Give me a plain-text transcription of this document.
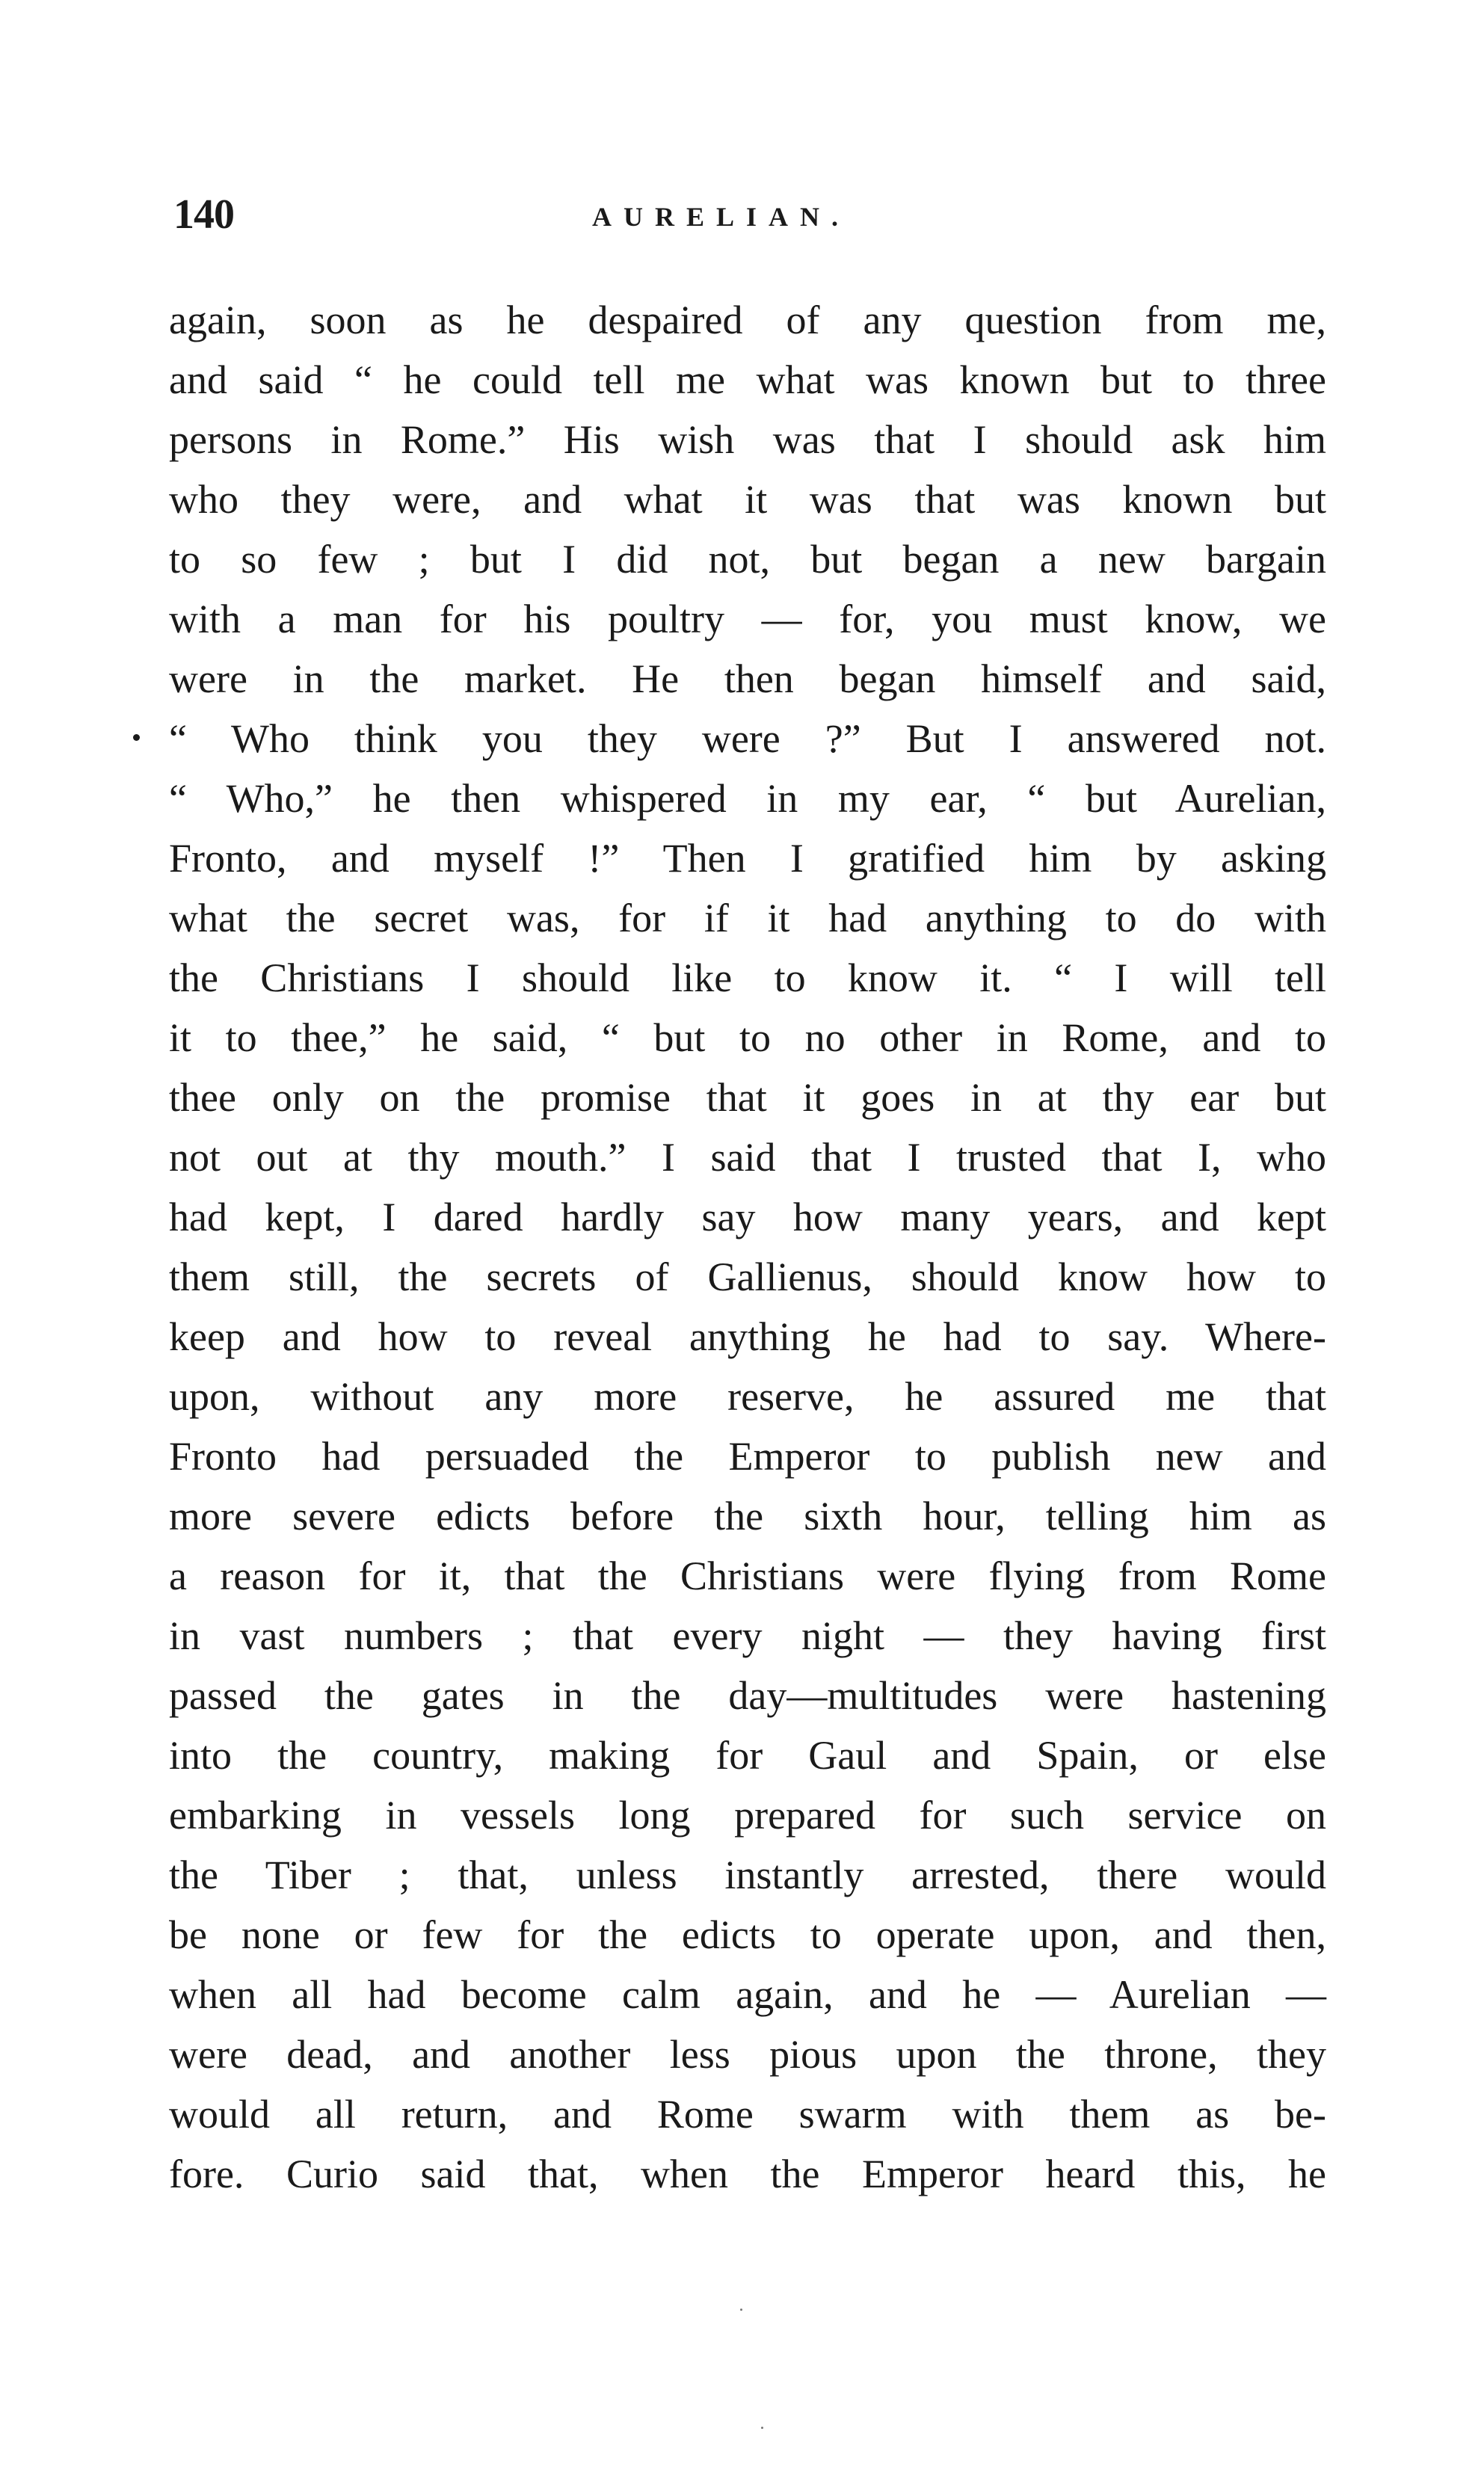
140	AURELIAN.
again, soon as he despaired of any question from me,
and said “ he could tell me what was known but to three
persons in Rome.” His wish was that I should ask him
who they were, and what it was that was known but
to so few ; but I did not, but began a new bargain
with a man for his poultry — for, you must know, we
were in the market. He then began himself and said,
“ Who think you they were ?” But I answered not.
“ Who,” he then whispered in my ear, “ but Aurelian,
Fronto, and myself !” Then I gratified him by asking
what the secret was, for if it had anything to do with
the Christians I should like to know it. “ I will tell
it to thee,” he said, “ but to no other in Rome, and to
thee only on the promise that it goes in at thy ear but
not out at thy mouth.” I said that I trusted that I, who
had kept, I dared hardly say how many years, and kept
them still, the secrets of Gallienus, should know how to
keep and how to reveal anything he had to say. Where-
upon, without any more reserve, he assured me that
Fronto had persuaded the Emperor to publish new and
more severe edicts before the sixth hour, telling him as
a reason for it, that the Christians were flying from Rome
in vast numbers ; that every night — they having first
passed the gates in the day—multitudes were hastening
into the country, making for Gaul and Spain, or else
embarking in vessels long prepared for such service on
the Tiber ; that, unless instantly arrested, there would
be none or few for the edicts to operate upon, and then,
when all had become calm again, and he — Aurelian —
were dead, and another less pious upon the throne, they
would all return, and Rome swarm with them as be-
fore. Curio said that, when the Emperor heard this, he
